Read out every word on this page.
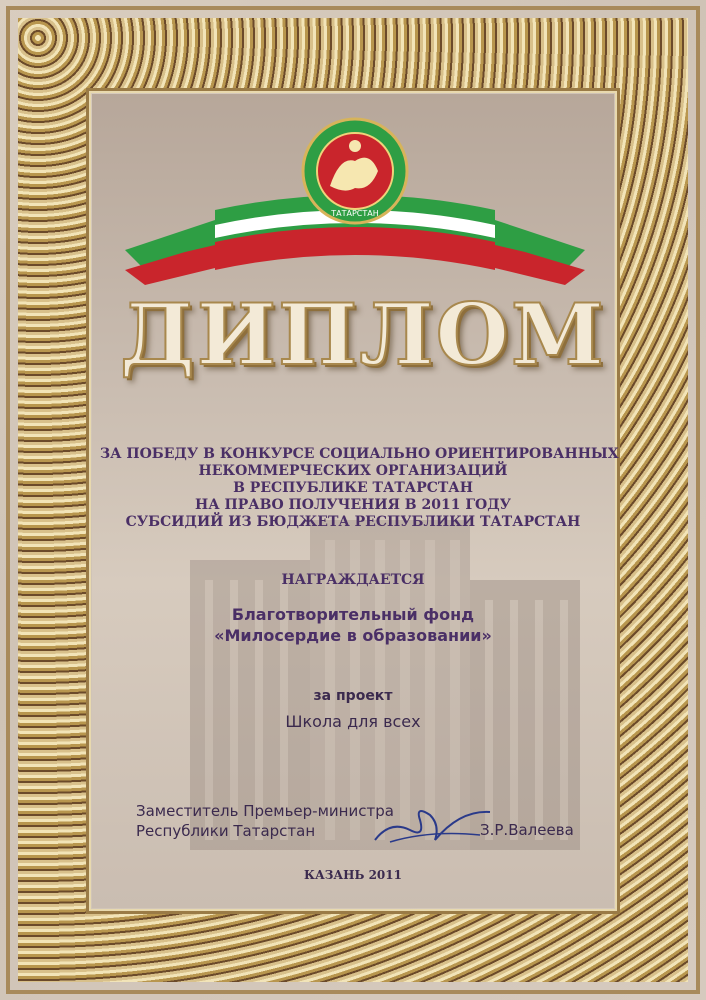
ТАТАРСТАН
ДИПЛОМ
ЗА ПОБЕДУ В КОНКУРСЕ СОЦИАЛЬНО ОРИЕНТИРОВАННЫХ
НЕКОММЕРЧЕСКИХ ОРГАНИЗАЦИЙ
В РЕСПУБЛИКЕ ТАТАРСТАН
НА ПРАВО ПОЛУЧЕНИЯ В 2011 ГОДУ
СУБСИДИЙ ИЗ БЮДЖЕТА РЕСПУБЛИКИ ТАТАРСТАН
НАГРАЖДАЕТСЯ
Благотворительный фонд
«Милосердие в образовании»
за проект
Школа для всех
Заместитель Премьер-министра
Республики Татарстан	З.Р.Валеева
КАЗАНЬ 2011
